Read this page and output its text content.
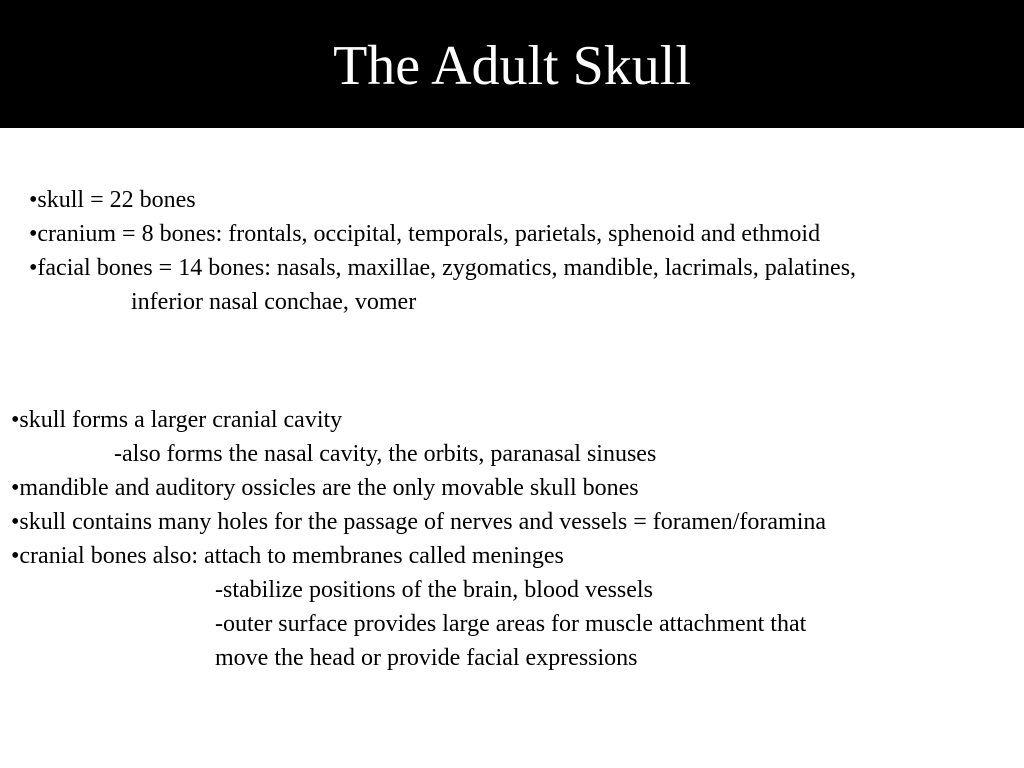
The Adult Skull
•skull = 22 bones
•cranium = 8 bones: frontals, occipital, temporals, parietals, sphenoid and ethmoid
•facial bones = 14 bones: nasals, maxillae, zygomatics, mandible, lacrimals, palatines,
inferior nasal conchae, vomer
•skull forms a larger cranial cavity
-also forms the nasal cavity, the orbits, paranasal sinuses
•mandible and auditory ossicles are the only movable skull bones
•skull contains many holes for the passage of nerves and vessels = foramen/foramina
•cranial bones also: attach to membranes called meninges
-stabilize positions of the brain, blood vessels
-outer surface provides large areas for muscle attachment that
move the head or provide facial expressions
